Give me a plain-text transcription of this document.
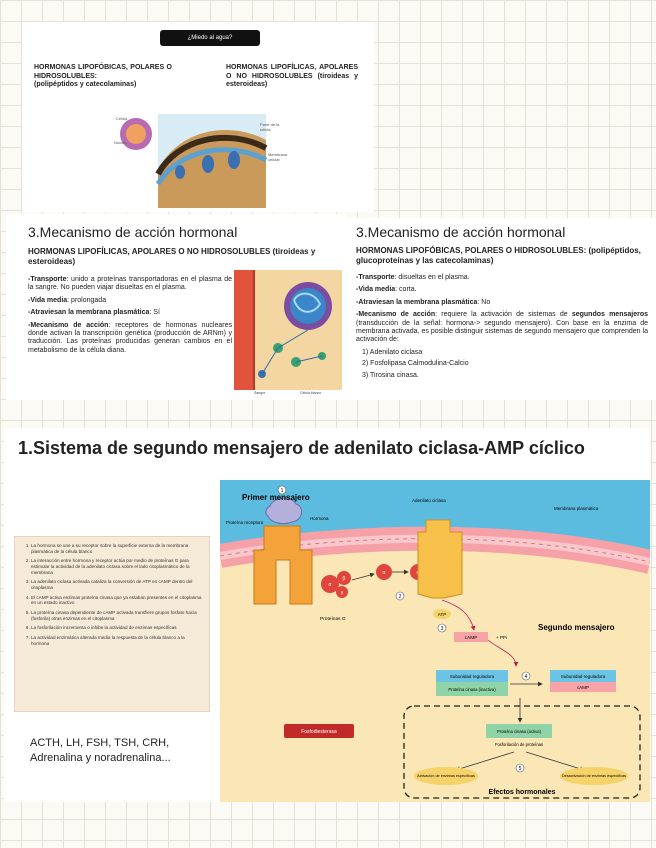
¿Miedo al agua?
HORMONAS LIPOFÓBICAS, POLARES O HIDROSOLUBLES:
(polipéptidos y catecolaminas)
HORMONAS LIPOFÍLICAS, APOLARES O NO HIDROSOLUBLES (tiroideas y esteroideas)
Célula
Núcleo
Membrana
celular
Parte de la
célula
3.Mecanismo de acción hormonal
HORMONAS LIPOFÍLICAS, APOLARES O NO HIDROSOLUBLES (tiroideas y esteroideas)

-Transporte: unido a proteínas transportadoras en el plasma de la sangre. No pueden viajar disueltas en el plasma.

-Vida media: prolongada

-Atraviesan la membrana plasmática: Sí

-Mecanismo de acción: receptores de hormonas nucleares donde activan la transcripción genética (producción de ARNm) y traducción. Las proteínas producidas generan cambios en el metabolismo de la célula diana.

Sangre	Célula blanco
3.Mecanismo de acción hormonal
HORMONAS LIPOFÓBICAS, POLARES O HIDROSOLUBLES: (polipéptidos, glucoproteínas y las catecolaminas)

-Transporte: disueltas en el plasma.

-Vida media: corta.

-Atraviesan la membrana plasmática: No

-Mecanismo de acción: requiere la activación de sistemas de segundos mensajeros (transducción de la señal: hormona-> segundo mensajero). Con base en la enzima de membrana activada, es posible distinguir sistemas de segundo mensajero que comprenden la activación de:

1) Adenilato ciclasa
2) Fosfolipasa Calmodulina-Calcio
3) Tirosina cinasa.
1.Sistema de segundo mensajero de adenilato ciclasa-AMP cíclico
1. La hormona se une a su receptor sobre la superficie externa de la membrana plasmática de la célula blanco
2. La interacción entre hormona y receptor actúa por medio de proteínas G para estimular la actividad de la adenilato ciclasa sobre el lado citoplasmático de la membrana
3. La adenilato ciclasa activada cataliza la conversión de ATP en cAMP dentro del citoplasma
4. El cAMP activa enzimas proteína cinasa que ya estaban presentes en el citoplasma en un estado inactivo
5. La proteína cinasa dependiente de cAMP activada transfiere grupos fosfato hacia (fosforila) otras enzimas en el citoplasma
6. La fosforilación incrementa o inhibe la actividad de enzimas específicas
7. La actividad enzimática alterada media la respuesta de la célula blanco a la hormona
ACTH, LH, FSH, TSH, CRH,
Adrenalina y noradrenalina...
1
α
β
γ
α
2
ATP
3
cAMP	+ PPi
Segundo mensajero
Subunidad reguladora
Proteína cinasa (inactiva)
4	Subunidad reguladora
cAMP
Fosfodiesterasa	Proteína cinasa (activa)
Fosforilación de proteínas
5
Activación de enzimas específicas	Desactivación de enzimas específicas
Efectos hormonales
Primer mensajero	Adenilato ciclasa
Membrana plasmática
Proteína receptora
Hormona
Proteínas G
